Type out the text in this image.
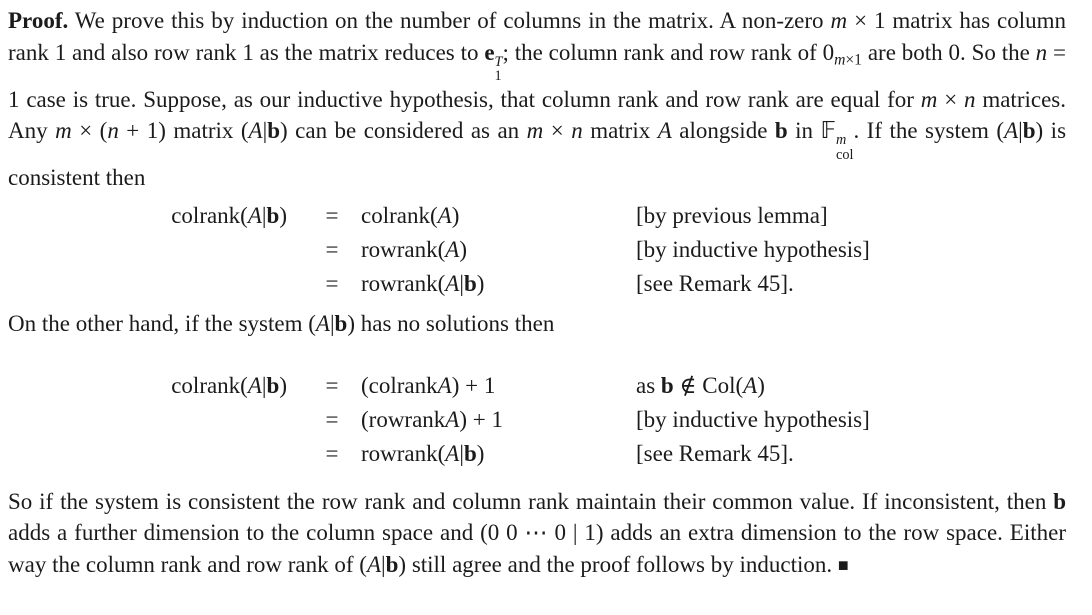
Proof. We prove this by induction on the number of columns in the matrix. A non-zero m × 1 matrix has column rank 1 and also row rank 1 as the matrix reduces to e T
1
; the column rank and row rank of 0m×1 are both 0. So the n = 1 case is true. Suppose, as our inductive hypothesis, that column rank and row rank are equal for m × n matrices. Any m × (n + 1) matrix (A|b) can be considered as an m × n matrix A alongside b in 𝔽 m
col
. If the system (A|b) is consistent then

colrank(A|b)	= colrank(A)	[by previous lemma]
= rowrank(A)	[by inductive hypothesis]
= rowrank(A|b)	[see Remark 45].

On the other hand, if the system (A|b) has no solutions then

colrank(A|b)	= (colrankA) + 1	as b ∉ Col(A)
= (rowrankA) + 1	[by inductive hypothesis]
= rowrank(A|b)	[see Remark 45].

So if the system is consistent the row rank and column rank maintain their common value. If inconsistent, then b adds a further dimension to the column space and (0 0 ⋯ 0 | 1) adds an extra dimension to the row space. Either way the column rank and row rank of (A|b) still agree and the proof follows by induction. ■
